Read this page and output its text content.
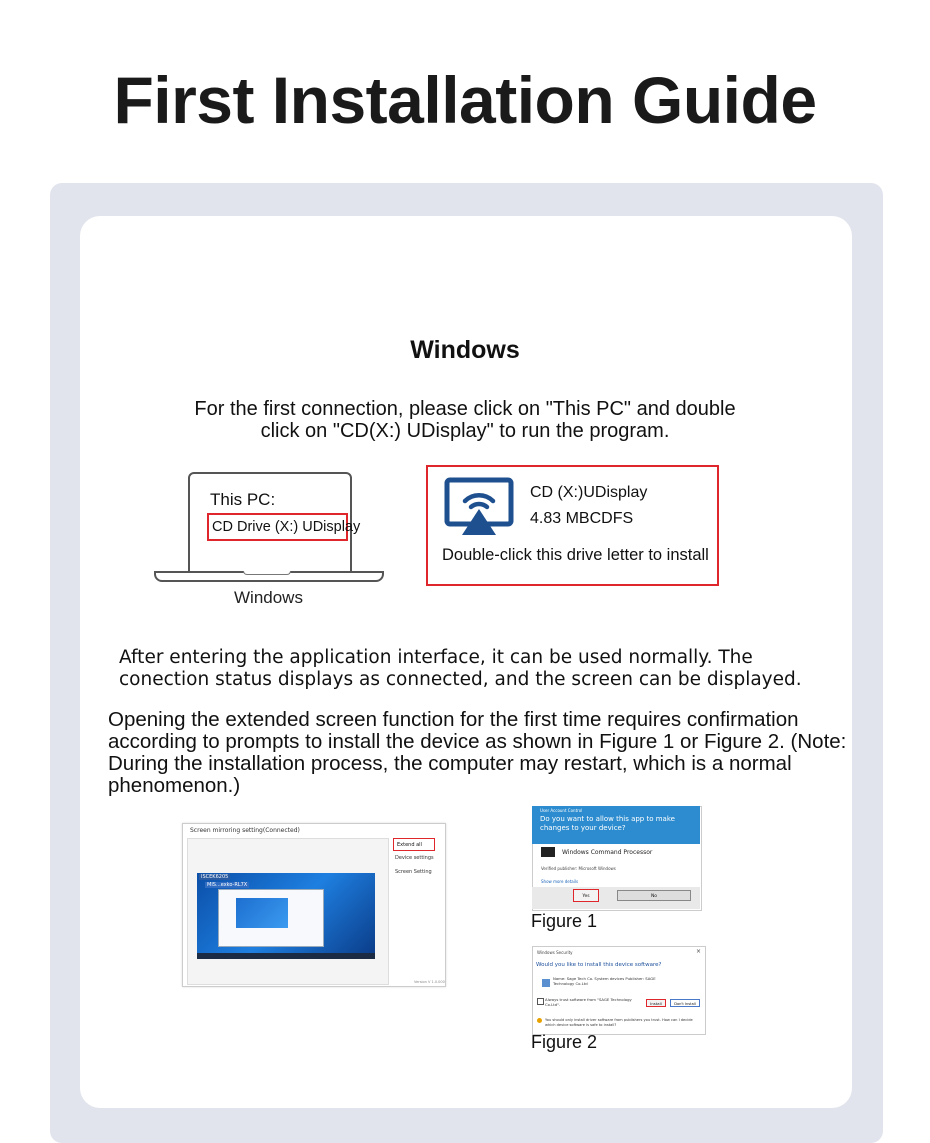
First Installation Guide
Windows
For the first connection, please click on "This PC" and double
click on "CD(X:) UDisplay" to run the program.
This PC:
CD Drive (X:) UDisplay
Windows
CD (X:)UDisplay
4.83 MBCDFS
Double-click this drive letter to install
After entering the application interface, it can be used normally. The conection status displays as connected, and the screen can be displayed.
Opening the extended screen function for the first time requires confirmation according to prompts to install the device as shown in Figure 1 or Figure 2. (Note: During the installation process, the computer may restart, which is a normal phenomenon.)
Screen mirroring setting(Connected)
ISCEK6205
MIS...exko-RL7X
Extend all
Device settings
Screen Setting
Version V 1.0.000
User Account Control
Do you want to allow this app to make changes to your device?
Windows Command Processor
Verified publisher: Microsoft Windows
Show more details
Yes	No
Figure 1
Windows Security	×
Would you like to install this device software?
Name: Sage Tech Co. System devices Publisher: SAGE Technology Co.Ltd
Always trust software from "SAGE Technology Co.Ltd".	Install	Don't Install
You should only install driver software from publishers you trust. How can I decide which device software is safe to install?
Figure 2
